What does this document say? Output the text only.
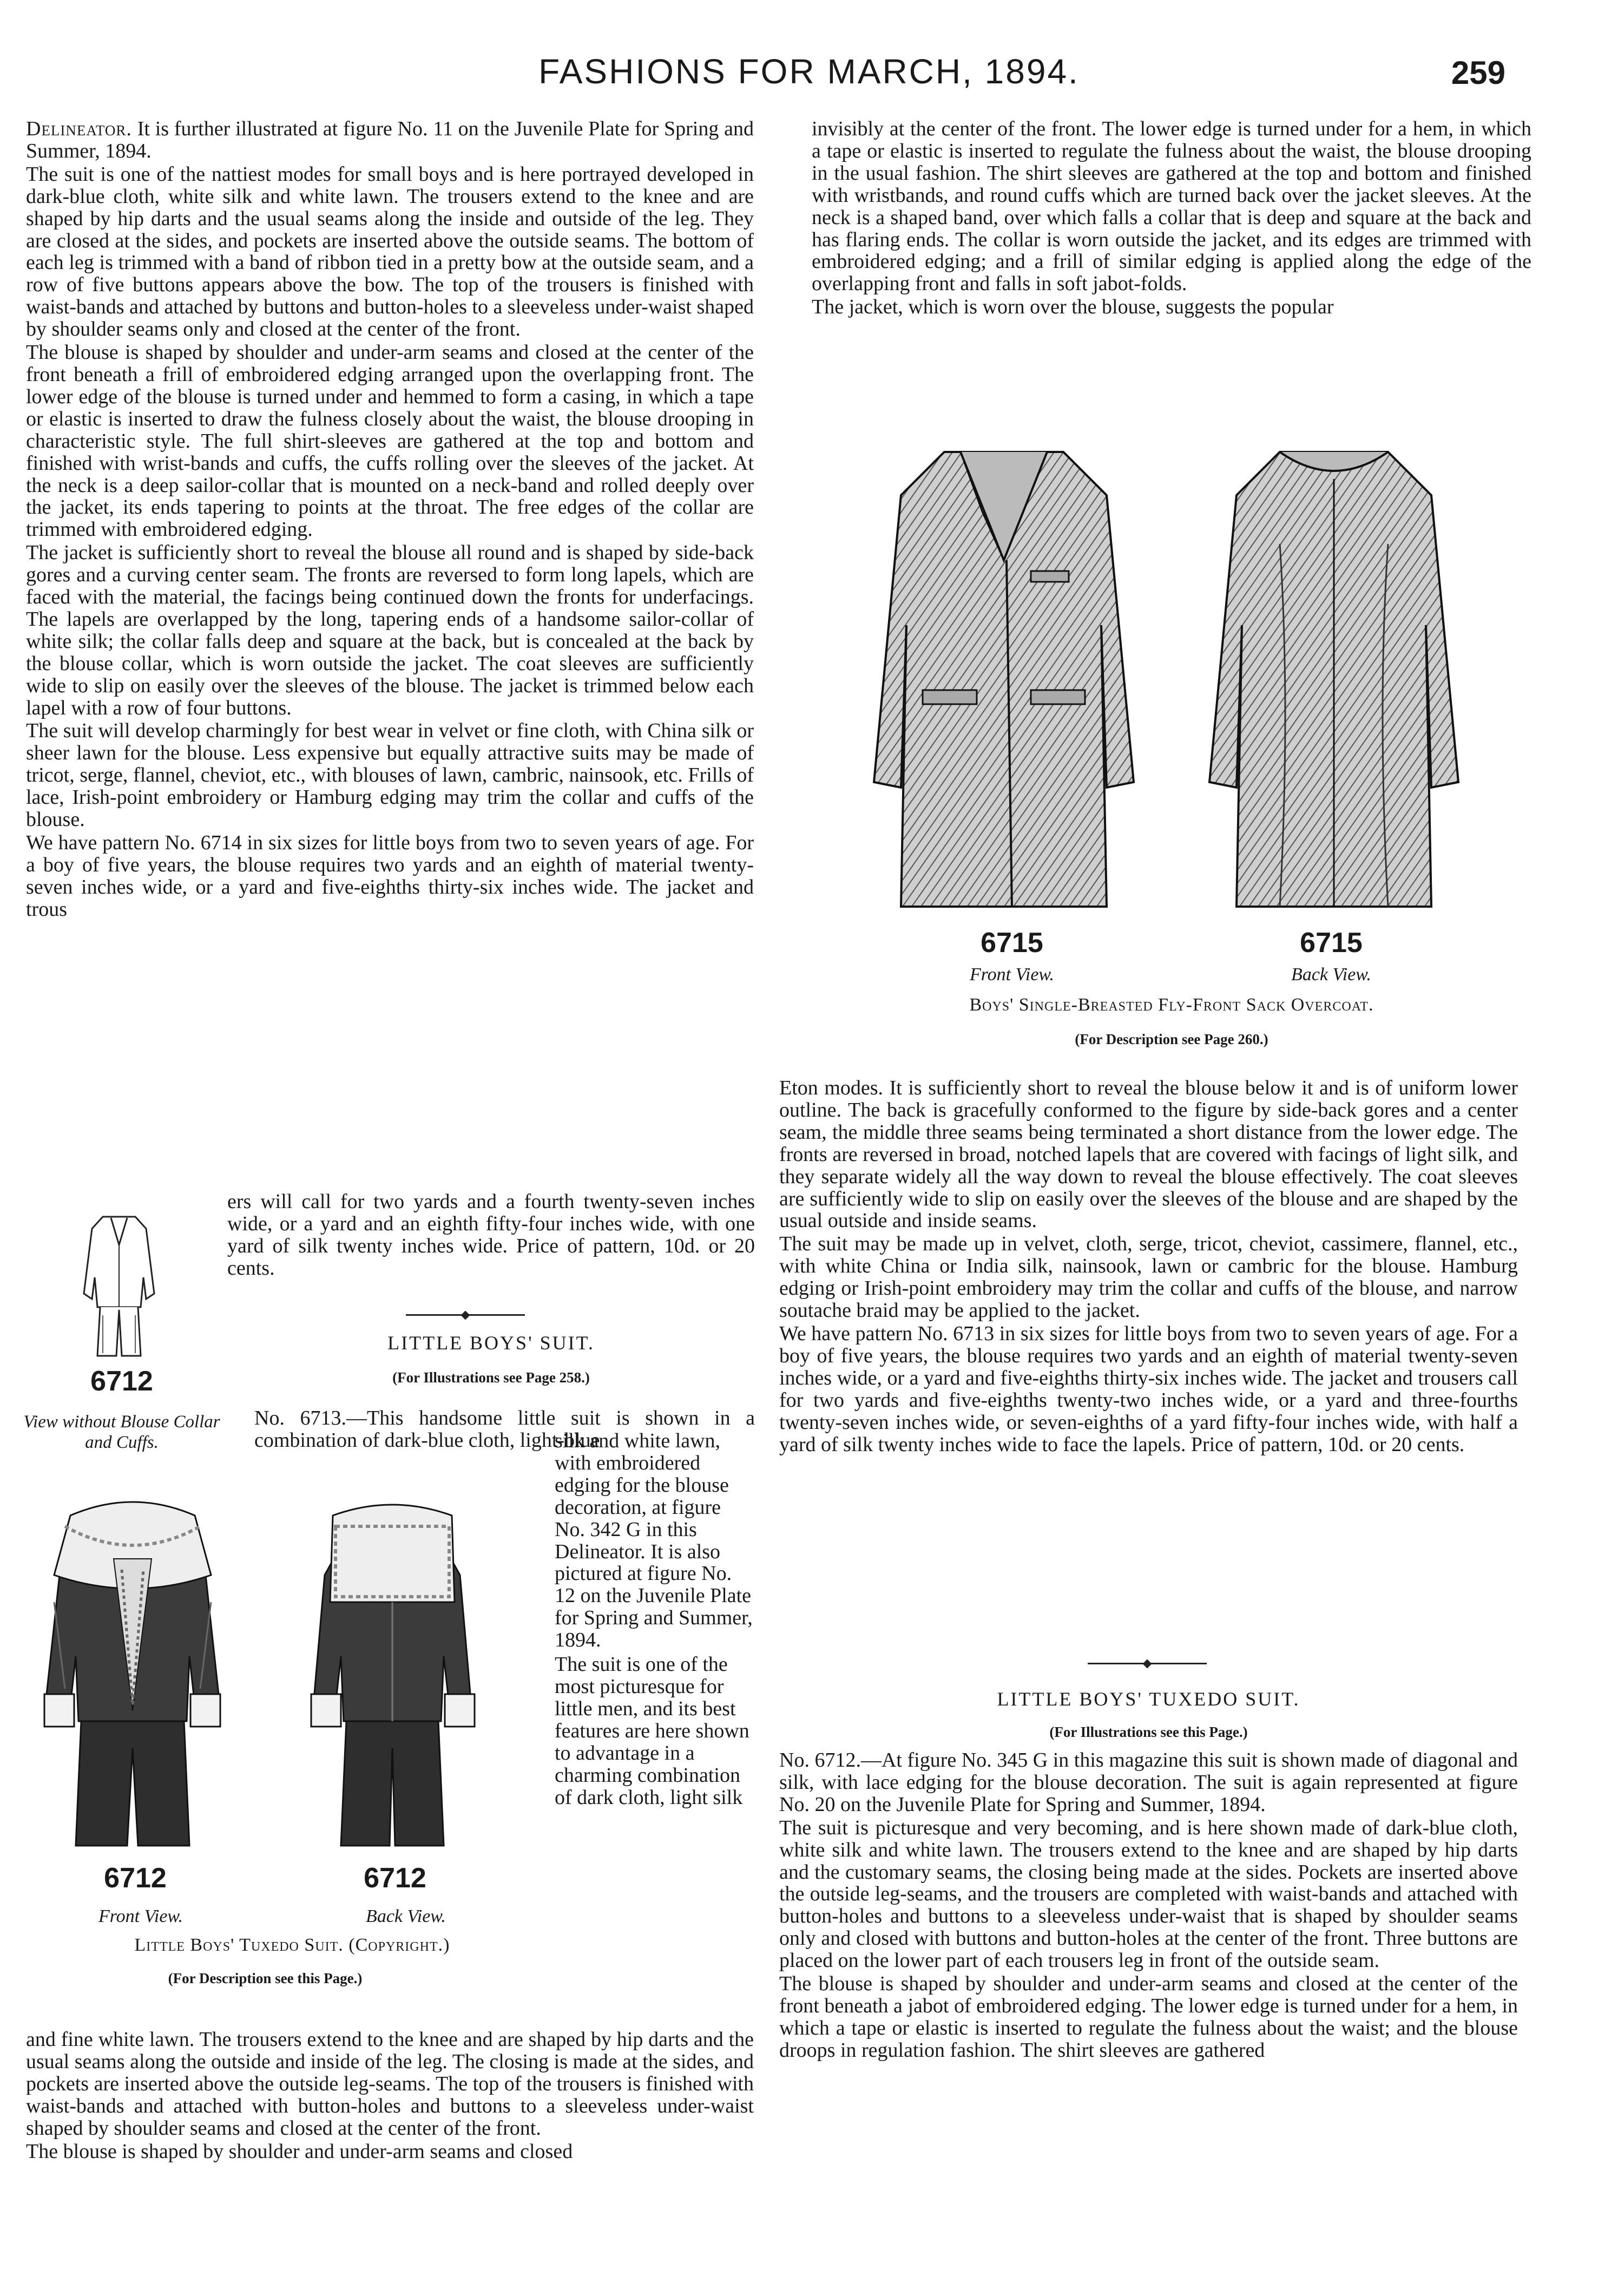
FASHIONS FOR MARCH, 1894.	259

Delineator. It is further illustrated at figure No. 11 on the Juvenile Plate for Spring and Summer, 1894.

The suit is one of the nattiest modes for small boys and is here portrayed developed in dark-blue cloth, white silk and white lawn. The trousers extend to the knee and are shaped by hip darts and the usual seams along the inside and outside of the leg. They are closed at the sides, and pockets are inserted above the outside seams. The bottom of each leg is trimmed with a band of ribbon tied in a pretty bow at the outside seam, and a row of five buttons appears above the bow. The top of the trousers is finished with waist-bands and attached by buttons and button-holes to a sleeveless under-waist shaped by shoulder seams only and closed at the center of the front.

The blouse is shaped by shoulder and under-arm seams and closed at the center of the front beneath a frill of embroidered edging arranged upon the overlapping front. The lower edge of the blouse is turned under and hemmed to form a casing, in which a tape or elastic is inserted to draw the fulness closely about the waist, the blouse drooping in characteristic style. The full shirt-sleeves are gathered at the top and bottom and finished with wrist-bands and cuffs, the cuffs rolling over the sleeves of the jacket. At the neck is a deep sailor-collar that is mounted on a neck-band and rolled deeply over the jacket, its ends tapering to points at the throat. The free edges of the collar are trimmed with embroidered edging.

The jacket is sufficiently short to reveal the blouse all round and is shaped by side-back gores and a curving center seam. The fronts are reversed to form long lapels, which are faced with the material, the facings being continued down the fronts for underfacings. The lapels are overlapped by the long, tapering ends of a handsome sailor-collar of white silk; the collar falls deep and square at the back, but is concealed at the back by the blouse collar, which is worn outside the jacket. The coat sleeves are sufficiently wide to slip on easily over the sleeves of the blouse. The jacket is trimmed below each lapel with a row of four buttons.

The suit will develop charmingly for best wear in velvet or fine cloth, with China silk or sheer lawn for the blouse. Less expensive but equally attractive suits may be made of tricot, serge, flannel, cheviot, etc., with blouses of lawn, cambric, nainsook, etc. Frills of lace, Irish-point embroidery or Hamburg edging may trim the collar and cuffs of the blouse.

We have pattern No. 6714 in six sizes for little boys from two to seven years of age. For a boy of five years, the blouse requires two yards and an eighth of material twenty-seven inches wide, or a yard and five-eighths thirty-six inches wide. The jacket and trous

6712
View without Blouse Collar and Cuffs.

ers will call for two yards and a fourth twenty-seven inches wide, or a yard and an eighth fifty-four inches wide, with one yard of silk twenty inches wide. Price of pattern, 10d. or 20 cents.

LITTLE BOYS' SUIT.
(For Illustrations see Page 258.)

No. 6713.—This handsome little suit is shown in a combination of dark-blue cloth, light-blue

6712	6712
Front View.	Back View.
Little Boys' Tuxedo Suit. (Copyright.)
(For Description see this Page.)

silk and white lawn, with embroidered edging for the blouse decoration, at figure No. 342 G in this Delineator. It is also pictured at figure No. 12 on the Juvenile Plate for Spring and Summer, 1894.

The suit is one of the most picturesque for little men, and its best features are here shown to advantage in a charming combination of dark cloth, light silk

and fine white lawn. The trousers extend to the knee and are shaped by hip darts and the usual seams along the outside and inside of the leg. The closing is made at the sides, and pockets are inserted above the outside leg-seams. The top of the trousers is finished with waist-bands and attached with button-holes and buttons to a sleeveless under-waist shaped by shoulder seams and closed at the center of the front.

The blouse is shaped by shoulder and under-arm seams and closed

invisibly at the center of the front. The lower edge is turned under for a hem, in which a tape or elastic is inserted to regulate the fulness about the waist, the blouse drooping in the usual fashion. The shirt sleeves are gathered at the top and bottom and finished with wristbands, and round cuffs which are turned back over the jacket sleeves. At the neck is a shaped band, over which falls a collar that is deep and square at the back and has flaring ends. The collar is worn outside the jacket, and its edges are trimmed with embroidered edging; and a frill of similar edging is applied along the edge of the overlapping front and falls in soft jabot-folds.

The jacket, which is worn over the blouse, suggests the popular

6715	6715
Front View.	Back View.
Boys' Single-Breasted Fly-Front Sack Overcoat.
(For Description see Page 260.)

Eton modes. It is sufficiently short to reveal the blouse below it and is of uniform lower outline. The back is gracefully conformed to the figure by side-back gores and a center seam, the middle three seams being terminated a short distance from the lower edge. The fronts are reversed in broad, notched lapels that are covered with facings of light silk, and they separate widely all the way down to reveal the blouse effectively. The coat sleeves are sufficiently wide to slip on easily over the sleeves of the blouse and are shaped by the usual outside and inside seams.

The suit may be made up in velvet, cloth, serge, tricot, cheviot, cassimere, flannel, etc., with white China or India silk, nainsook, lawn or cambric for the blouse. Hamburg edging or Irish-point embroidery may trim the collar and cuffs of the blouse, and narrow soutache braid may be applied to the jacket.

We have pattern No. 6713 in six sizes for little boys from two to seven years of age. For a boy of five years, the blouse requires two yards and an eighth of material twenty-seven inches wide, or a yard and five-eighths thirty-six inches wide. The jacket and trousers call for two yards and five-eighths twenty-two inches wide, or a yard and three-fourths twenty-seven inches wide, or seven-eighths of a yard fifty-four inches wide, with half a yard of silk twenty inches wide to face the lapels. Price of pattern, 10d. or 20 cents.

LITTLE BOYS' TUXEDO SUIT.
(For Illustrations see this Page.)

No. 6712.—At figure No. 345 G in this magazine this suit is shown made of diagonal and silk, with lace edging for the blouse decoration. The suit is again represented at figure No. 20 on the Juvenile Plate for Spring and Summer, 1894.

The suit is picturesque and very becoming, and is here shown made of dark-blue cloth, white silk and white lawn. The trousers extend to the knee and are shaped by hip darts and the customary seams, the closing being made at the sides. Pockets are inserted above the outside leg-seams, and the trousers are completed with waist-bands and attached with button-holes and buttons to a sleeveless under-waist that is shaped by shoulder seams only and closed with buttons and button-holes at the center of the front. Three buttons are placed on the lower part of each trousers leg in front of the outside seam.

The blouse is shaped by shoulder and under-arm seams and closed at the center of the front beneath a jabot of embroidered edging. The lower edge is turned under for a hem, in which a tape or elastic is inserted to regulate the fulness about the waist; and the blouse droops in regulation fashion. The shirt sleeves are gathered
